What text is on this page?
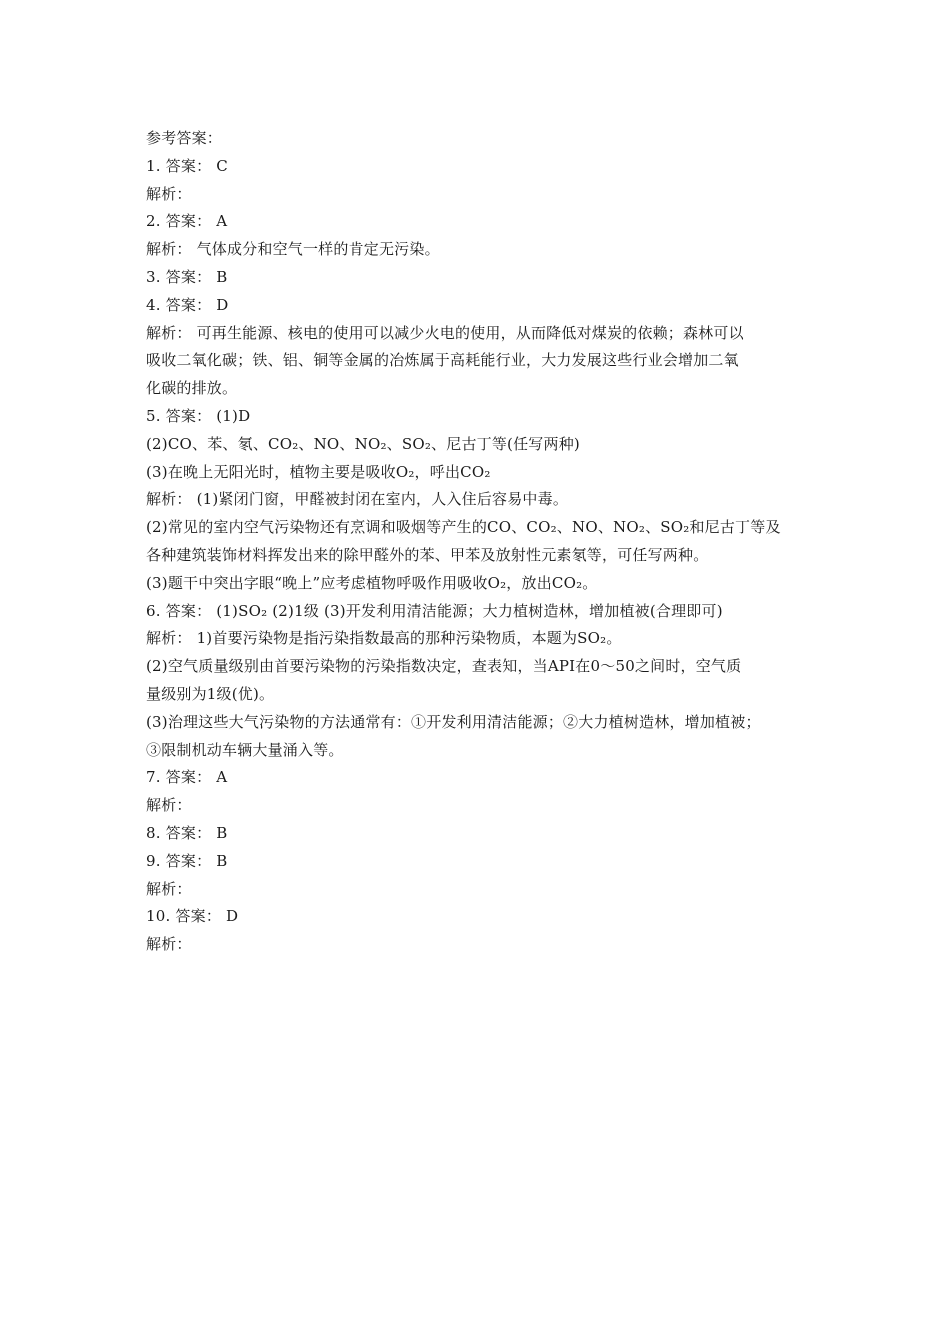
参考答案：
1. 答案： C
解析：
2. 答案： A
解析： 气体成分和空气一样的肯定无污染。
3. 答案： B
4. 答案： D
解析： 可再生能源、核电的使用可以减少火电的使用，从而降低对煤炭的依赖；森林可以
吸收二氧化碳；铁、铝、铜等金属的冶炼属于高耗能行业，大力发展这些行业会增加二氧
化碳的排放。
5. 答案： (1)D
(2)CO、苯、氡、CO₂、NO、NO₂、SO₂、尼古丁等(任写两种)
(3)在晚上无阳光时，植物主要是吸收O₂，呼出CO₂
解析： (1)紧闭门窗，甲醛被封闭在室内，人入住后容易中毒。
(2)常见的室内空气污染物还有烹调和吸烟等产生的CO、CO₂、NO、NO₂、SO₂和尼古丁等及
各种建筑装饰材料挥发出来的除甲醛外的苯、甲苯及放射性元素氡等，可任写两种。
(3)题干中突出字眼“晚上”应考虑植物呼吸作用吸收O₂，放出CO₂。
6. 答案： (1)SO₂ (2)1级 (3)开发利用清洁能源；大力植树造林，增加植被(合理即可)
解析： 1)首要污染物是指污染指数最高的那种污染物质，本题为SO₂。
(2)空气质量级别由首要污染物的污染指数决定，查表知，当API在0～50之间时，空气质
量级别为1级(优)。
(3)治理这些大气污染物的方法通常有：①开发利用清洁能源；②大力植树造林，增加植被；
③限制机动车辆大量涌入等。
7. 答案： A
解析：
8. 答案： B
9. 答案： B
解析：
10. 答案： D
解析：
